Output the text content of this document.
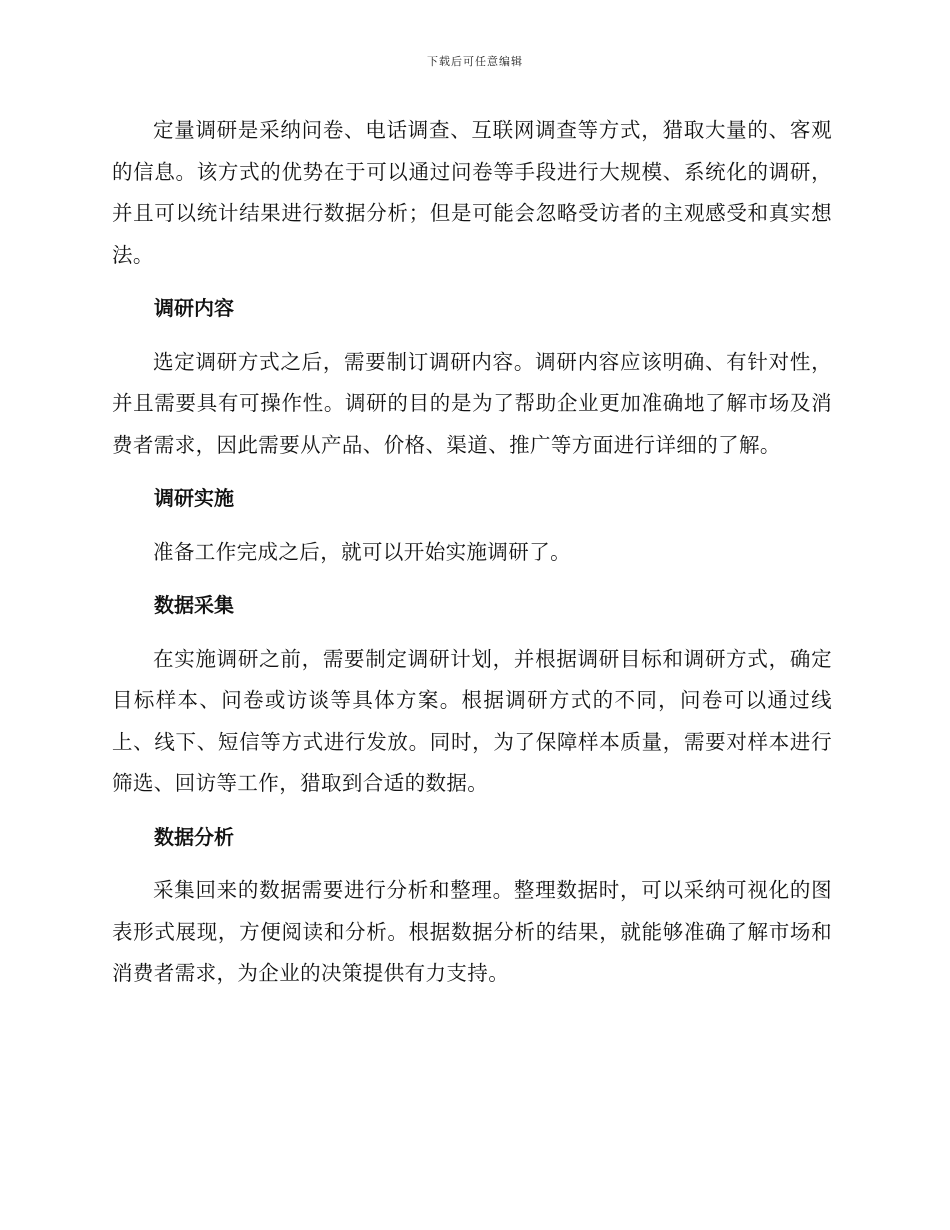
下载后可任意编辑

定量调研是采纳问卷、电话调查、互联网调查等方式，猎取大量的、客观的信息。该方式的优势在于可以通过问卷等手段进行大规模、系统化的调研，并且可以统计结果进行数据分析；但是可能会忽略受访者的主观感受和真实想法。

调研内容

选定调研方式之后，需要制订调研内容。调研内容应该明确、有针对性，并且需要具有可操作性。调研的目的是为了帮助企业更加准确地了解市场及消费者需求，因此需要从产品、价格、渠道、推广等方面进行详细的了解。

调研实施

准备工作完成之后，就可以开始实施调研了。

数据采集

在实施调研之前，需要制定调研计划，并根据调研目标和调研方式，确定目标样本、问卷或访谈等具体方案。根据调研方式的不同，问卷可以通过线上、线下、短信等方式进行发放。同时，为了保障样本质量，需要对样本进行筛选、回访等工作，猎取到合适的数据。

数据分析

采集回来的数据需要进行分析和整理。整理数据时，可以采纳可视化的图表形式展现，方便阅读和分析。根据数据分析的结果，就能够准确了解市场和消费者需求，为企业的决策提供有力支持。
